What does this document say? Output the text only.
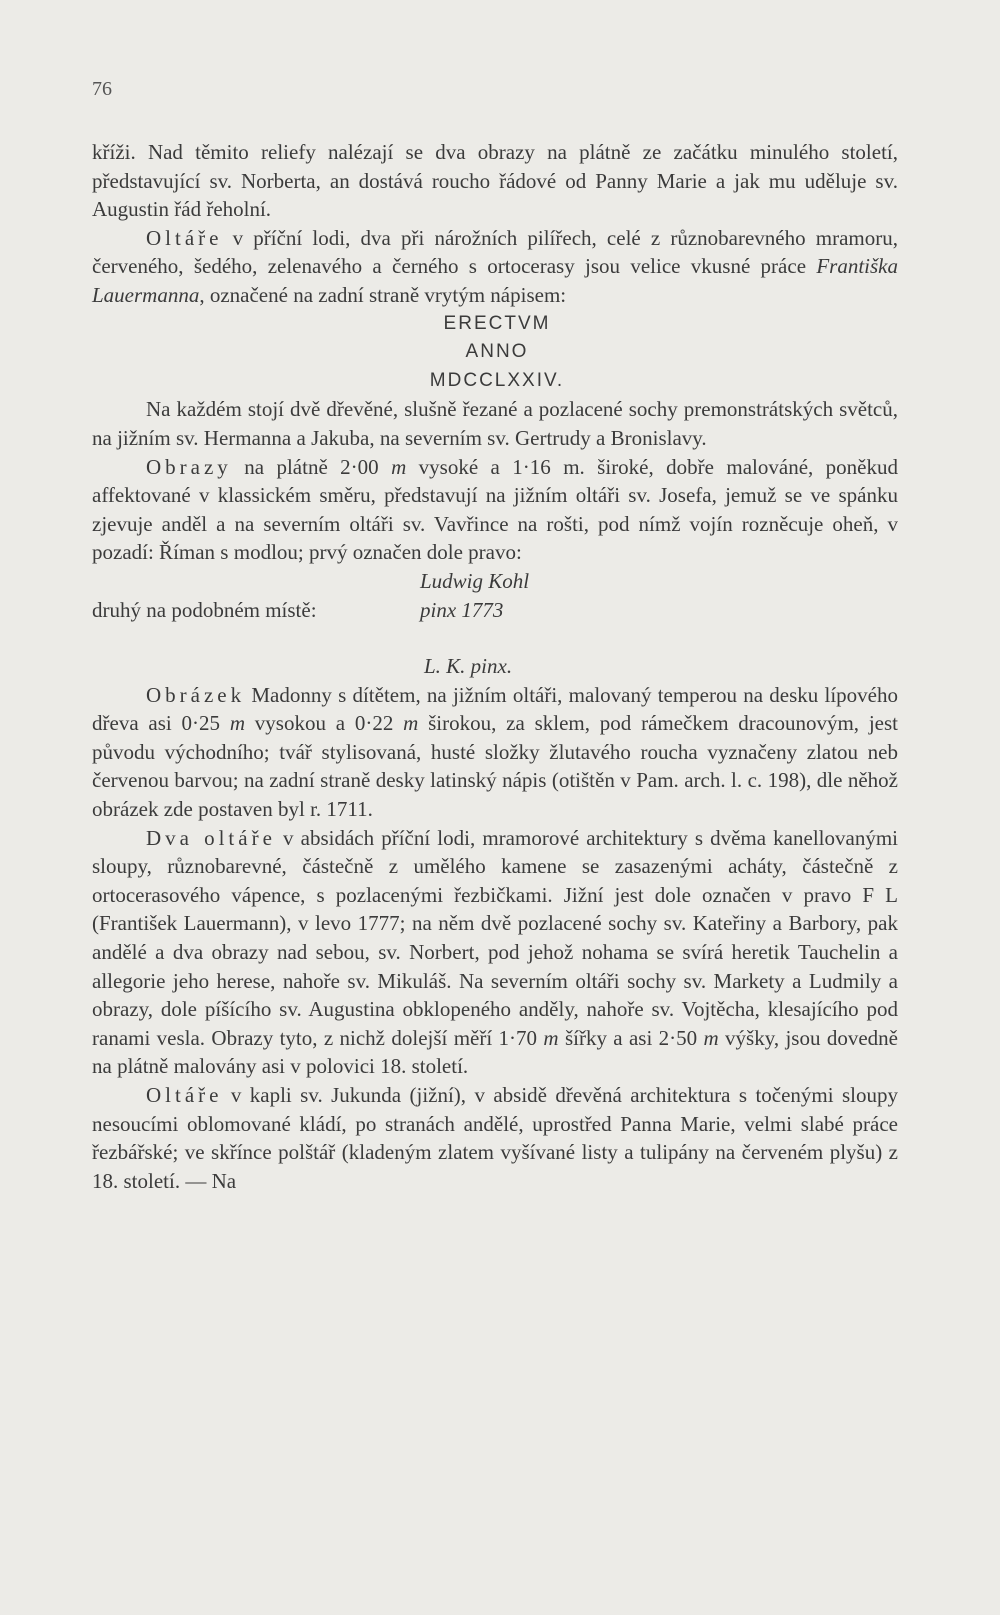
76

kříži. Nad těmito reliefy nalézají se dva obrazy na plátně ze začátku minulého století, představující sv. Norberta, an dostává roucho řádové od Panny Marie a jak mu uděluje sv. Augustin řád řeholní.

Oltáře v příční lodi, dva při nárožních pilířech, celé z různobarevného mramoru, červeného, šedého, zelenavého a černého s ortocerasy jsou velice vkusné práce Františka Lauermanna, označené na zadní straně vrytým nápisem:

ERECTVM
ANNO
MDCCLXXIV.

Na každém stojí dvě dřevěné, slušně řezané a pozlacené sochy premonstrátských světců, na jižním sv. Hermanna a Jakuba, na severním sv. Gertrudy a Bronislavy.

Obrazy na plátně 2·00 m vysoké a 1·16 m. široké, dobře malováné, poněkud affektované v klassickém směru, představují na jižním oltáři sv. Josefa, jemuž se ve spánku zjevuje anděl a na severním oltáři sv. Vavřince na rošti, pod nímž vojín rozněcuje oheň, v pozadí: Říman s modlou; prvý označen dole pravo:

Ludwig Kohl

pinx 1773

druhý na podobném místě:

L. K. pinx.

Obrázek Madonny s dítětem, na jižním oltáři, malovaný temperou na desku lípového dřeva asi 0·25 m vysokou a 0·22 m širokou, za sklem, pod rámečkem dracounovým, jest původu východního; tvář stylisovaná, husté složky žlutavého roucha vyznačeny zlatou neb červenou barvou; na zadní straně desky latinský nápis (otištěn v Pam. arch. l. c. 198), dle něhož obrázek zde postaven byl r. 1711.

Dva oltáře v absidách příční lodi, mramorové architektury s dvěma kanellovanými sloupy, různobarevné, částečně z umělého kamene se zasazenými acháty, částečně z ortocerasového vápence, s pozlacenými řezbičkami. Jižní jest dole označen v pravo F L (František Lauermann), v levo 1777; na něm dvě pozlacené sochy sv. Kateřiny a Barbory, pak andělé a dva obrazy nad sebou, sv. Norbert, pod jehož nohama se svírá heretik Tauchelin a allegorie jeho herese, nahoře sv. Mikuláš. Na severním oltáři sochy sv. Markety a Ludmily a obrazy, dole píšícího sv. Augustina obklopeného anděly, nahoře sv. Vojtěcha, klesajícího pod ranami vesla. Obrazy tyto, z nichž dolejší měří 1·70 m šířky a asi 2·50 m výšky, jsou dovedně na plátně malovány asi v polovici 18. století.

Oltáře v kapli sv. Jukunda (jižní), v absidě dřevěná architektura s točenými sloupy nesoucími oblomované kládí, po stranách andělé, uprostřed Panna Marie, velmi slabé práce řezbářské; ve skřínce polštář (kladeným zlatem vyšívané listy a tulipány na červeném plyšu) z 18. století. — Na
